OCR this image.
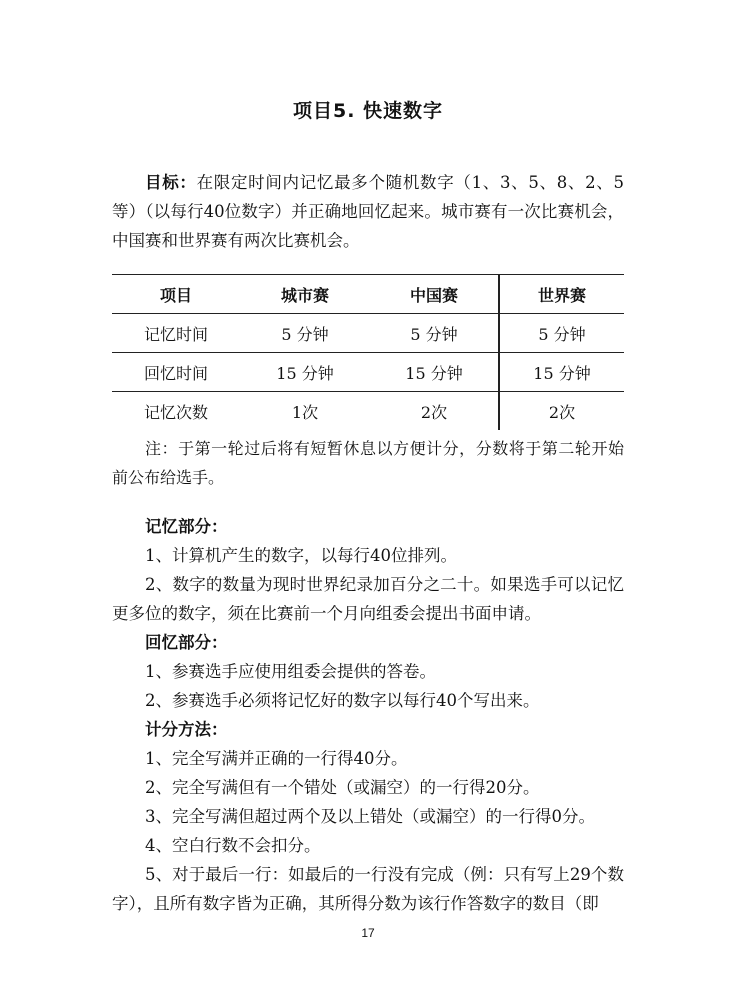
项目5. 快速数字
目标：在限定时间内记忆最多个随机数字（1、3、5、8、2、5等）（以每行40位数字）并正确地回忆起来。城市赛有一次比赛机会，中国赛和世界赛有两次比赛机会。
项目	城市赛	中国赛	世界赛
记忆时间	5 分钟	5 分钟	5 分钟
回忆时间	15 分钟	15 分钟	15 分钟
记忆次数	1次	2次	2次
注：于第一轮过后将有短暂休息以方便计分，分数将于第二轮开始前公布给选手。

记忆部分：

1、计算机产生的数字，以每行40位排列。

2、数字的数量为现时世界纪录加百分之二十。如果选手可以记忆更多位的数字，须在比赛前一个月向组委会提出书面申请。

回忆部分：

1、参赛选手应使用组委会提供的答卷。

2、参赛选手必须将记忆好的数字以每行40个写出来。

计分方法：

1、完全写满并正确的一行得40分。

2、完全写满但有一个错处（或漏空）的一行得20分。

3、完全写满但超过两个及以上错处（或漏空）的一行得0分。

4、空白行数不会扣分。

5、对于最后一行：如最后的一行没有完成（例：只有写上29个数字），且所有数字皆为正确，其所得分数为该行作答数字的数目（即

17
